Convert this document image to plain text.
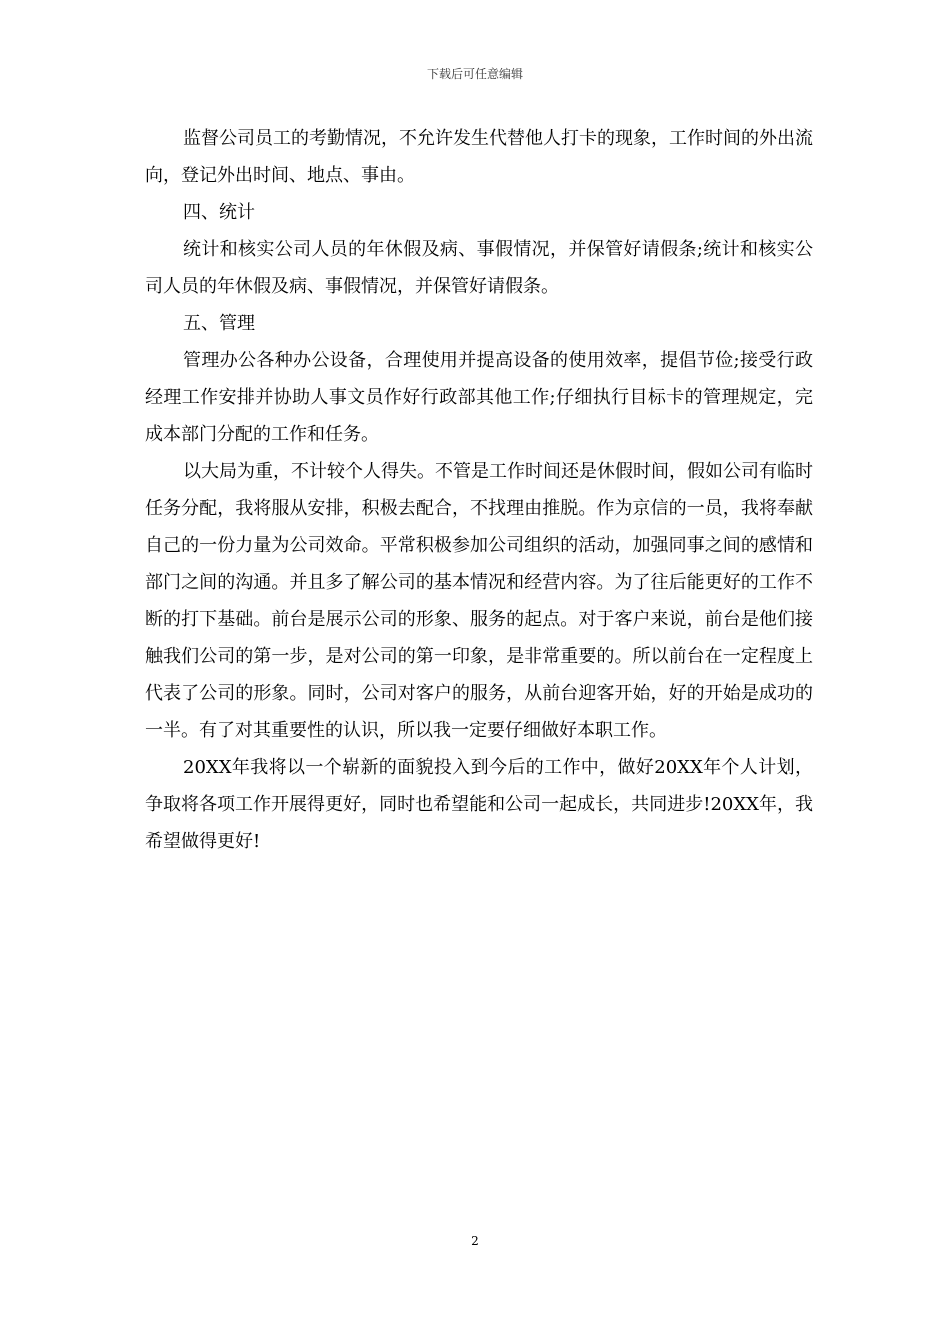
下载后可任意编辑

监督公司员工的考勤情况，不允许发生代替他人打卡的现象，工作时间的外出流向，登记外出时间、地点、事由。

四、统计

统计和核实公司人员的年休假及病、事假情况，并保管好请假条;统计和核实公司人员的年休假及病、事假情况，并保管好请假条。

五、管理

管理办公各种办公设备，合理使用并提高设备的使用效率，提倡节俭;接受行政经理工作安排并协助人事文员作好行政部其他工作;仔细执行目标卡的管理规定，完成本部门分配的工作和任务。

以大局为重，不计较个人得失。不管是工作时间还是休假时间，假如公司有临时任务分配，我将服从安排，积极去配合，不找理由推脱。作为京信的一员，我将奉献自己的一份力量为公司效命。平常积极参加公司组织的活动，加强同事之间的感情和部门之间的沟通。并且多了解公司的基本情况和经营内容。为了往后能更好的工作不断的打下基础。前台是展示公司的形象、服务的起点。对于客户来说，前台是他们接触我们公司的第一步，是对公司的第一印象，是非常重要的。所以前台在一定程度上代表了公司的形象。同时，公司对客户的服务，从前台迎客开始，好的开始是成功的一半。有了对其重要性的认识，所以我一定要仔细做好本职工作。

20XX年我将以一个崭新的面貌投入到今后的工作中，做好20XX年个人计划，争取将各项工作开展得更好，同时也希望能和公司一起成长，共同进步!20XX年，我希望做得更好!

2
